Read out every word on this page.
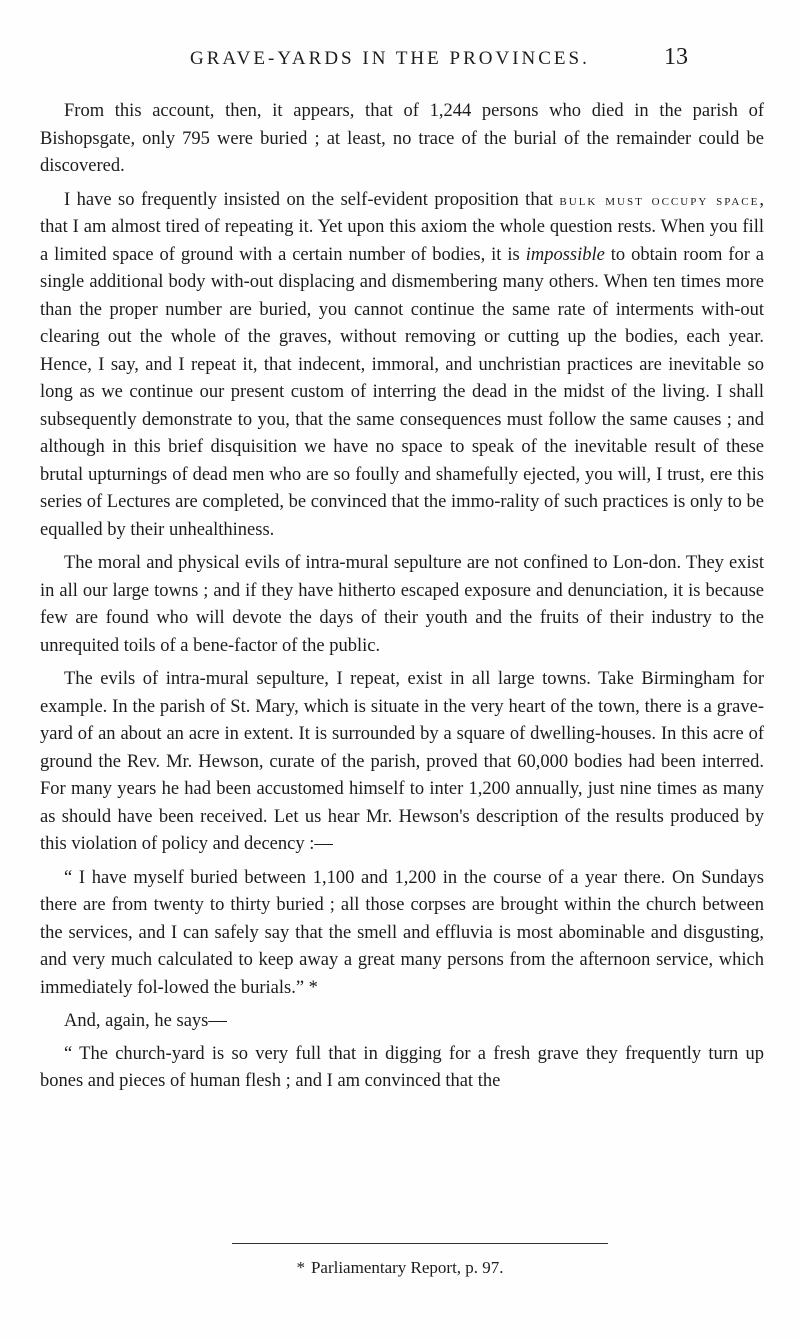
GRAVE-YARDS IN THE PROVINCES.	13

From this account, then, it appears, that of 1,244 persons who died in the parish of Bishopsgate, only 795 were buried ; at least, no trace of the burial of the remainder could be discovered.

I have so frequently insisted on the self-evident proposition that bulk must occupy space, that I am almost tired of repeating it. Yet upon this axiom the whole question rests. When you fill a limited space of ground with a certain number of bodies, it is impossible to obtain room for a single additional body with-out displacing and dismembering many others. When ten times more than the proper number are buried, you cannot continue the same rate of interments with-out clearing out the whole of the graves, without removing or cutting up the bodies, each year. Hence, I say, and I repeat it, that indecent, immoral, and unchristian practices are inevitable so long as we continue our present custom of interring the dead in the midst of the living. I shall subsequently demonstrate to you, that the same consequences must follow the same causes ; and although in this brief disquisition we have no space to speak of the inevitable result of these brutal upturnings of dead men who are so foully and shamefully ejected, you will, I trust, ere this series of Lectures are completed, be convinced that the immo-rality of such practices is only to be equalled by their unhealthiness.

The moral and physical evils of intra-mural sepulture are not confined to Lon-don. They exist in all our large towns ; and if they have hitherto escaped exposure and denunciation, it is because few are found who will devote the days of their youth and the fruits of their industry to the unrequited toils of a bene-factor of the public.

The evils of intra-mural sepulture, I repeat, exist in all large towns. Take Birmingham for example. In the parish of St. Mary, which is situate in the very heart of the town, there is a grave-yard of an about an acre in extent. It is surrounded by a square of dwelling-houses. In this acre of ground the Rev. Mr. Hewson, curate of the parish, proved that 60,000 bodies had been interred. For many years he had been accustomed himself to inter 1,200 annually, just nine times as many as should have been received. Let us hear Mr. Hewson's description of the results produced by this violation of policy and decency :—

“ I have myself buried between 1,100 and 1,200 in the course of a year there. On Sundays there are from twenty to thirty buried ; all those corpses are brought within the church between the services, and I can safely say that the smell and effluvia is most abominable and disgusting, and very much calculated to keep away a great many persons from the afternoon service, which immediately fol-lowed the burials.” *

And, again, he says—

“ The church-yard is so very full that in digging for a fresh grave they frequently turn up bones and pieces of human flesh ; and I am convinced that the

* Parliamentary Report, p. 97.
